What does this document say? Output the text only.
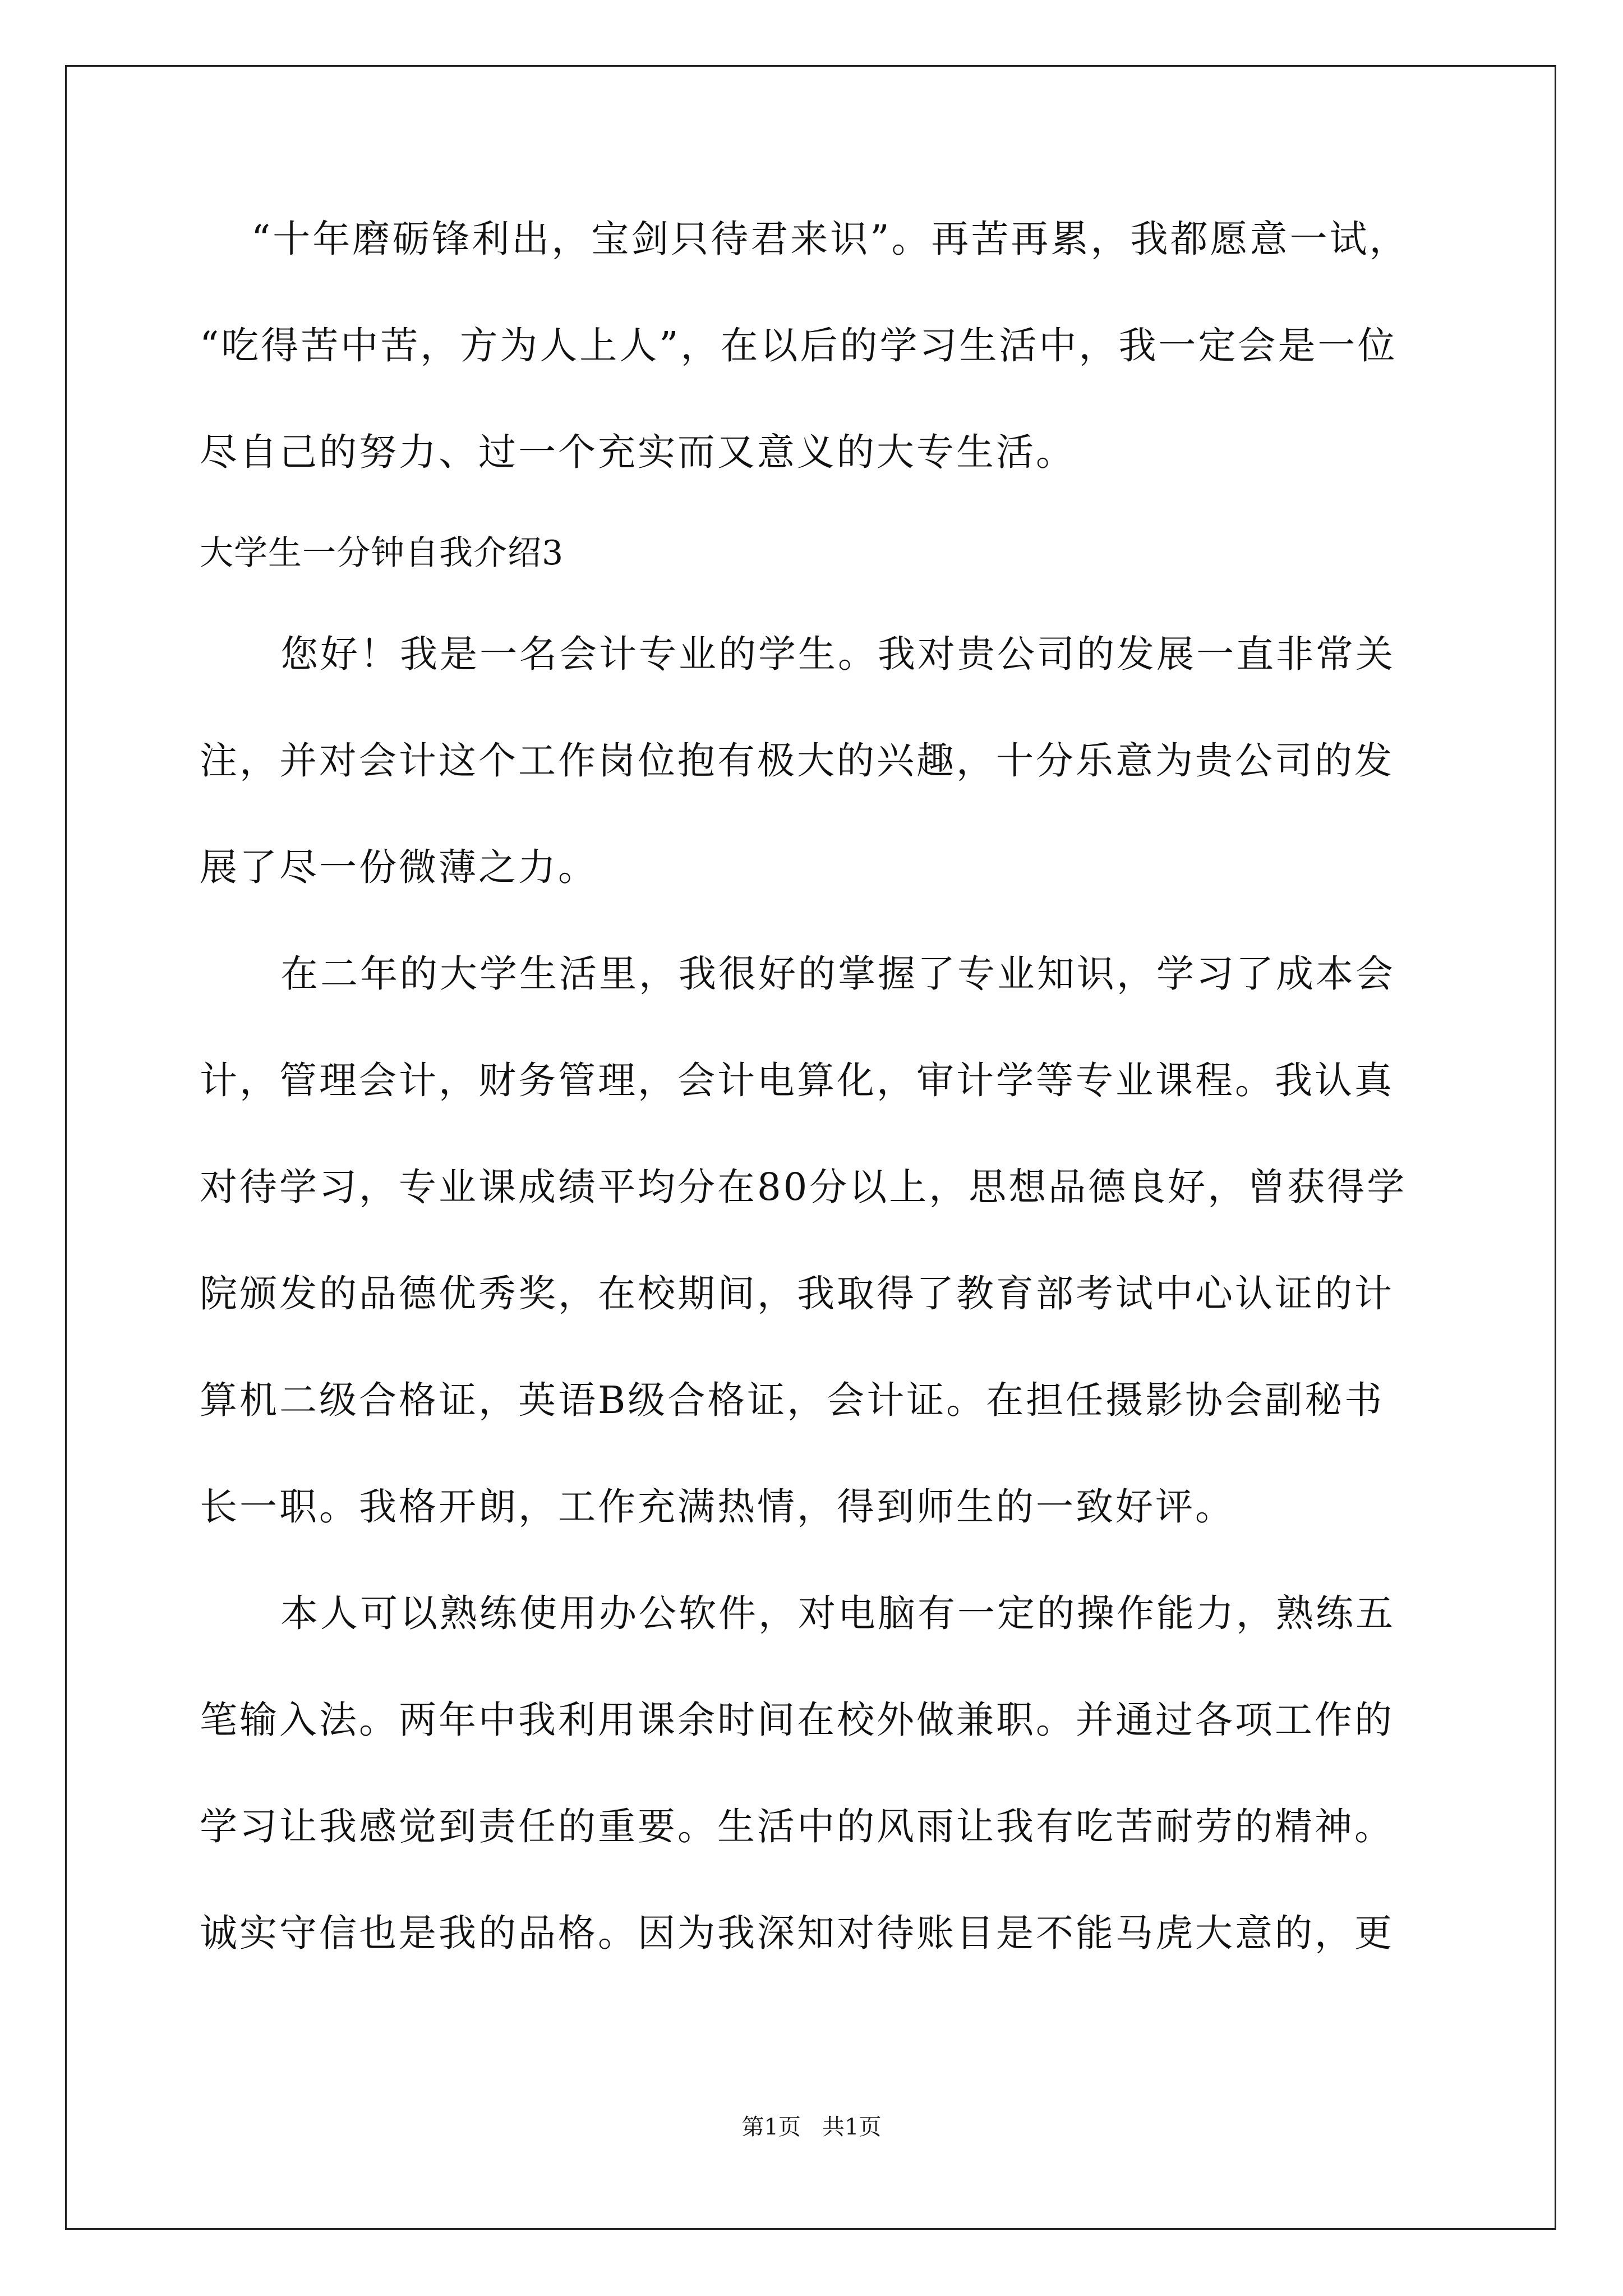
“十年磨砺锋利出，宝剑只待君来识”。再苦再累，我都愿意一试，
“吃得苦中苦，方为人上人”，在以后的学习生活中，我一定会是一位
尽自己的努力、过一个充实而又意义的大专生活。
大学生一分钟自我介绍3
您好！我是一名会计专业的学生。我对贵公司的发展一直非常关
注，并对会计这个工作岗位抱有极大的兴趣，十分乐意为贵公司的发
展了尽一份微薄之力。
在二年的大学生活里，我很好的掌握了专业知识，学习了成本会
计，管理会计，财务管理，会计电算化，审计学等专业课程。我认真
对待学习，专业课成绩平均分在80分以上，思想品德良好，曾获得学
院颁发的品德优秀奖，在校期间，我取得了教育部考试中心认证的计
算机二级合格证，英语B级合格证，会计证。在担任摄影协会副秘书
长一职。我格开朗，工作充满热情，得到师生的一致好评。
本人可以熟练使用办公软件，对电脑有一定的操作能力，熟练五
笔输入法。两年中我利用课余时间在校外做兼职。并通过各项工作的
学习让我感觉到责任的重要。生活中的风雨让我有吃苦耐劳的精神。
诚实守信也是我的品格。因为我深知对待账目是不能马虎大意的，更
第1页   共1页
